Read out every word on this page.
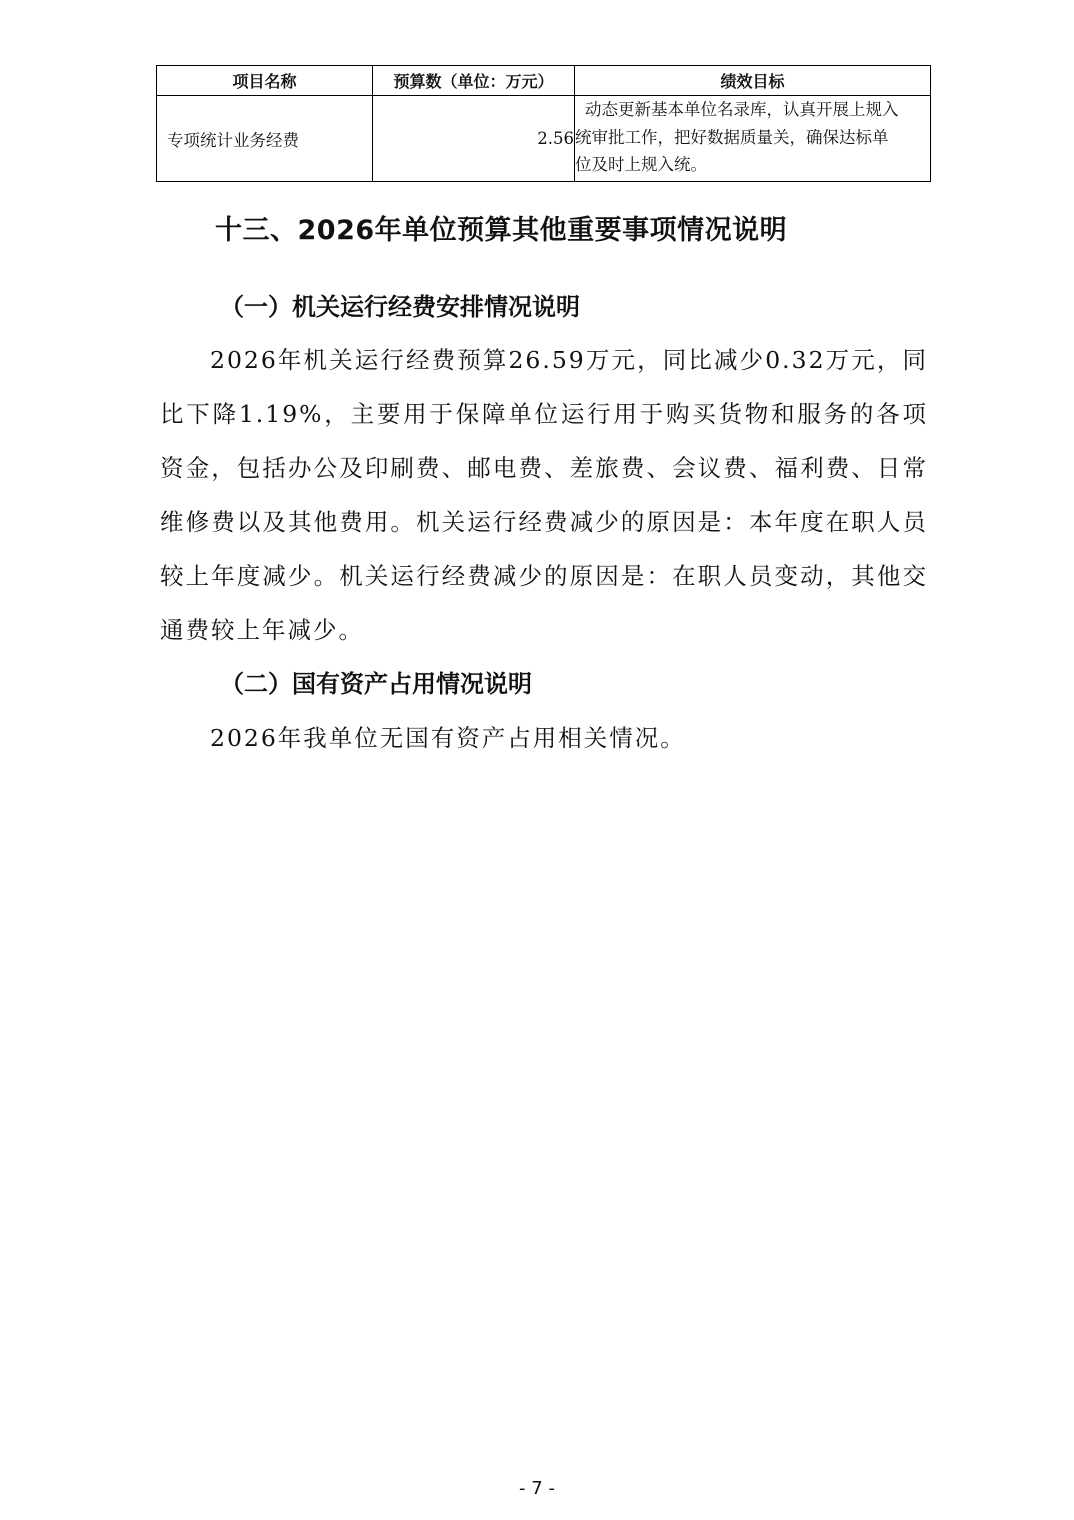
项目名称	预算数（单位：万元）	绩效目标
专项统计业务经费	2.56	动态更新基本单位名录库，认真开展上规入
统审批工作，把好数据质量关，确保达标单
位及时上规入统。
十三、2026年单位预算其他重要事项情况说明
（一）机关运行经费安排情况说明

2026年机关运行经费预算26.59万元，同比减少0.32万元，同比下降1.19%，主要用于保障单位运行用于购买货物和服务的各项资金，包括办公及印刷费、邮电费、差旅费、会议费、福利费、日常维修费以及其他费用。机关运行经费减少的原因是：本年度在职人员较上年度减少。机关运行经费减少的原因是：在职人员变动，其他交通费较上年减少。

（二）国有资产占用情况说明

2026年我单位无国有资产占用相关情况。

- 7 -
